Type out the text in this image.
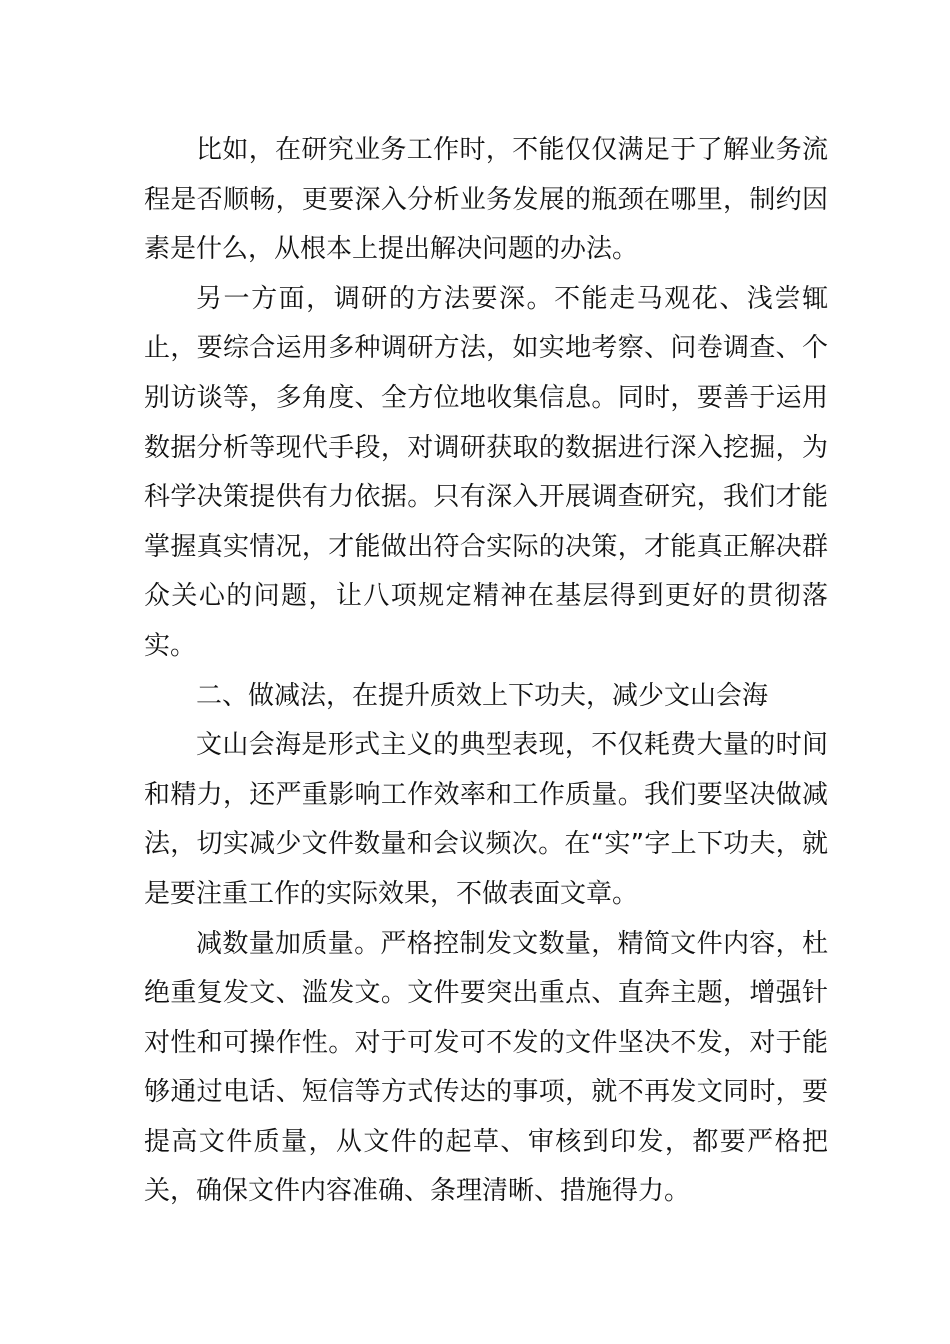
比如，在研究业务工作时，不能仅仅满足于了解业务流程是否顺畅，更要深入分析业务发展的瓶颈在哪里，制约因素是什么，从根本上提出解决问题的办法。

另一方面，调研的方法要深。不能走马观花、浅尝辄止，要综合运用多种调研方法，如实地考察、问卷调查、个别访谈等，多角度、全方位地收集信息。同时，要善于运用数据分析等现代手段，对调研获取的数据进行深入挖掘，为科学决策提供有力依据。只有深入开展调查研究，我们才能掌握真实情况，才能做出符合实际的决策，才能真正解决群众关心的问题，让八项规定精神在基层得到更好的贯彻落实。

二、做减法，在提升质效上下功夫，减少文山会海

文山会海是形式主义的典型表现，不仅耗费大量的时间和精力，还严重影响工作效率和工作质量。我们要坚决做减法，切实减少文件数量和会议频次。在“实”字上下功夫，就是要注重工作的实际效果，不做表面文章。

减数量加质量。严格控制发文数量，精简文件内容，杜绝重复发文、滥发文。文件要突出重点、直奔主题，增强针对性和可操作性。对于可发可不发的文件坚决不发，对于能够通过电话、短信等方式传达的事项，就不再发文同时，要提高文件质量，从文件的起草、审核到印发，都要严格把关，确保文件内容准确、条理清晰、措施得力。
